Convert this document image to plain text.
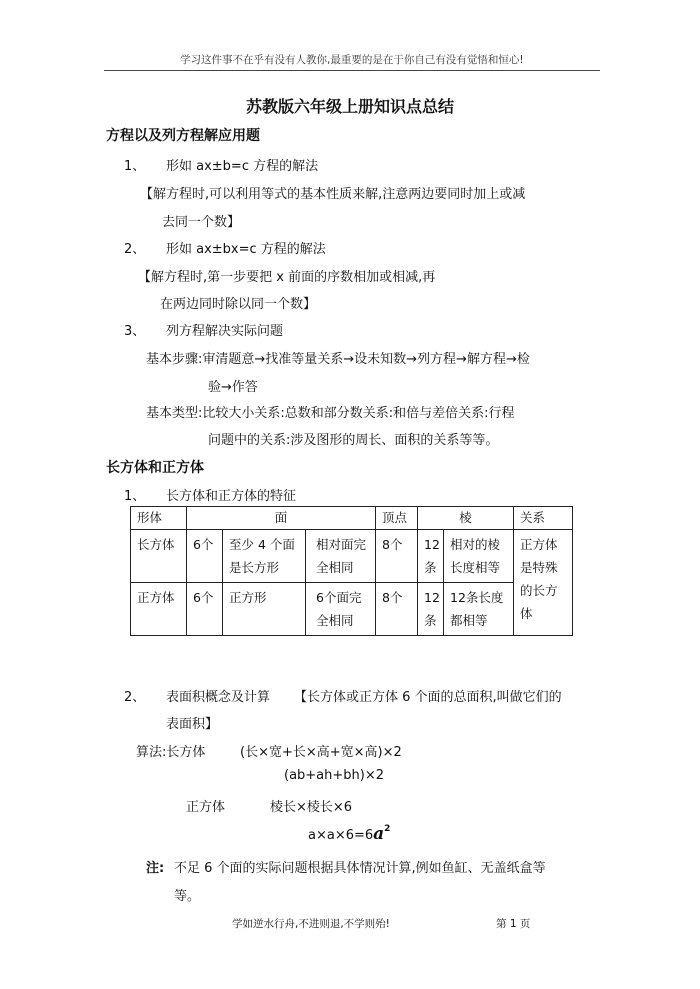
学习这件事不在乎有没有人教你,最重要的是在于你自己有没有觉悟和恒心!
苏教版六年级上册知识点总结
方程以及列方程解应用题
1、 形如 ax±b=c 方程的解法
【解方程时,可以利用等式的基本性质来解,注意两边要同时加上或减
去同一个数】
2、 形如 ax±bx=c 方程的解法
【解方程时,第一步要把 x 前面的序数相加或相减,再
在两边同时除以同一个数】
3、 列方程解决实际问题
基本步骤:审清题意→找准等量关系→设未知数→列方程→解方程→检
验→作答
基本类型:比较大小关系:总数和部分数关系:和倍与差倍关系:行程
问题中的关系:涉及图形的周长、面积的关系等等。
长方体和正方体
1、 长方体和正方体的特征
形体	面			顶点	棱		关系
长方体	6个	至少 4 个面是长方形	相对面完全相同	8个	12条	相对的棱长度相等	正方体是特殊的长方体
正方体	6个	正方形	6个面完全相同	8个	12条	12条长度都相等	
2、 表面积概念及计算 【长方体或正方体 6 个面的总面积,叫做它们的
表面积】
算法:长方体	(长×宽+长×高+宽×高)×2
(ab+ah+bh)×2
正方体	棱长×棱长×6
$a\times a\times 6=6a^2$
注: 不足 6 个面的实际问题根据具体情况计算,例如鱼缸、无盖纸盒等
等。
学如逆水行舟,不进则退,不学则殆!	第 1 页
